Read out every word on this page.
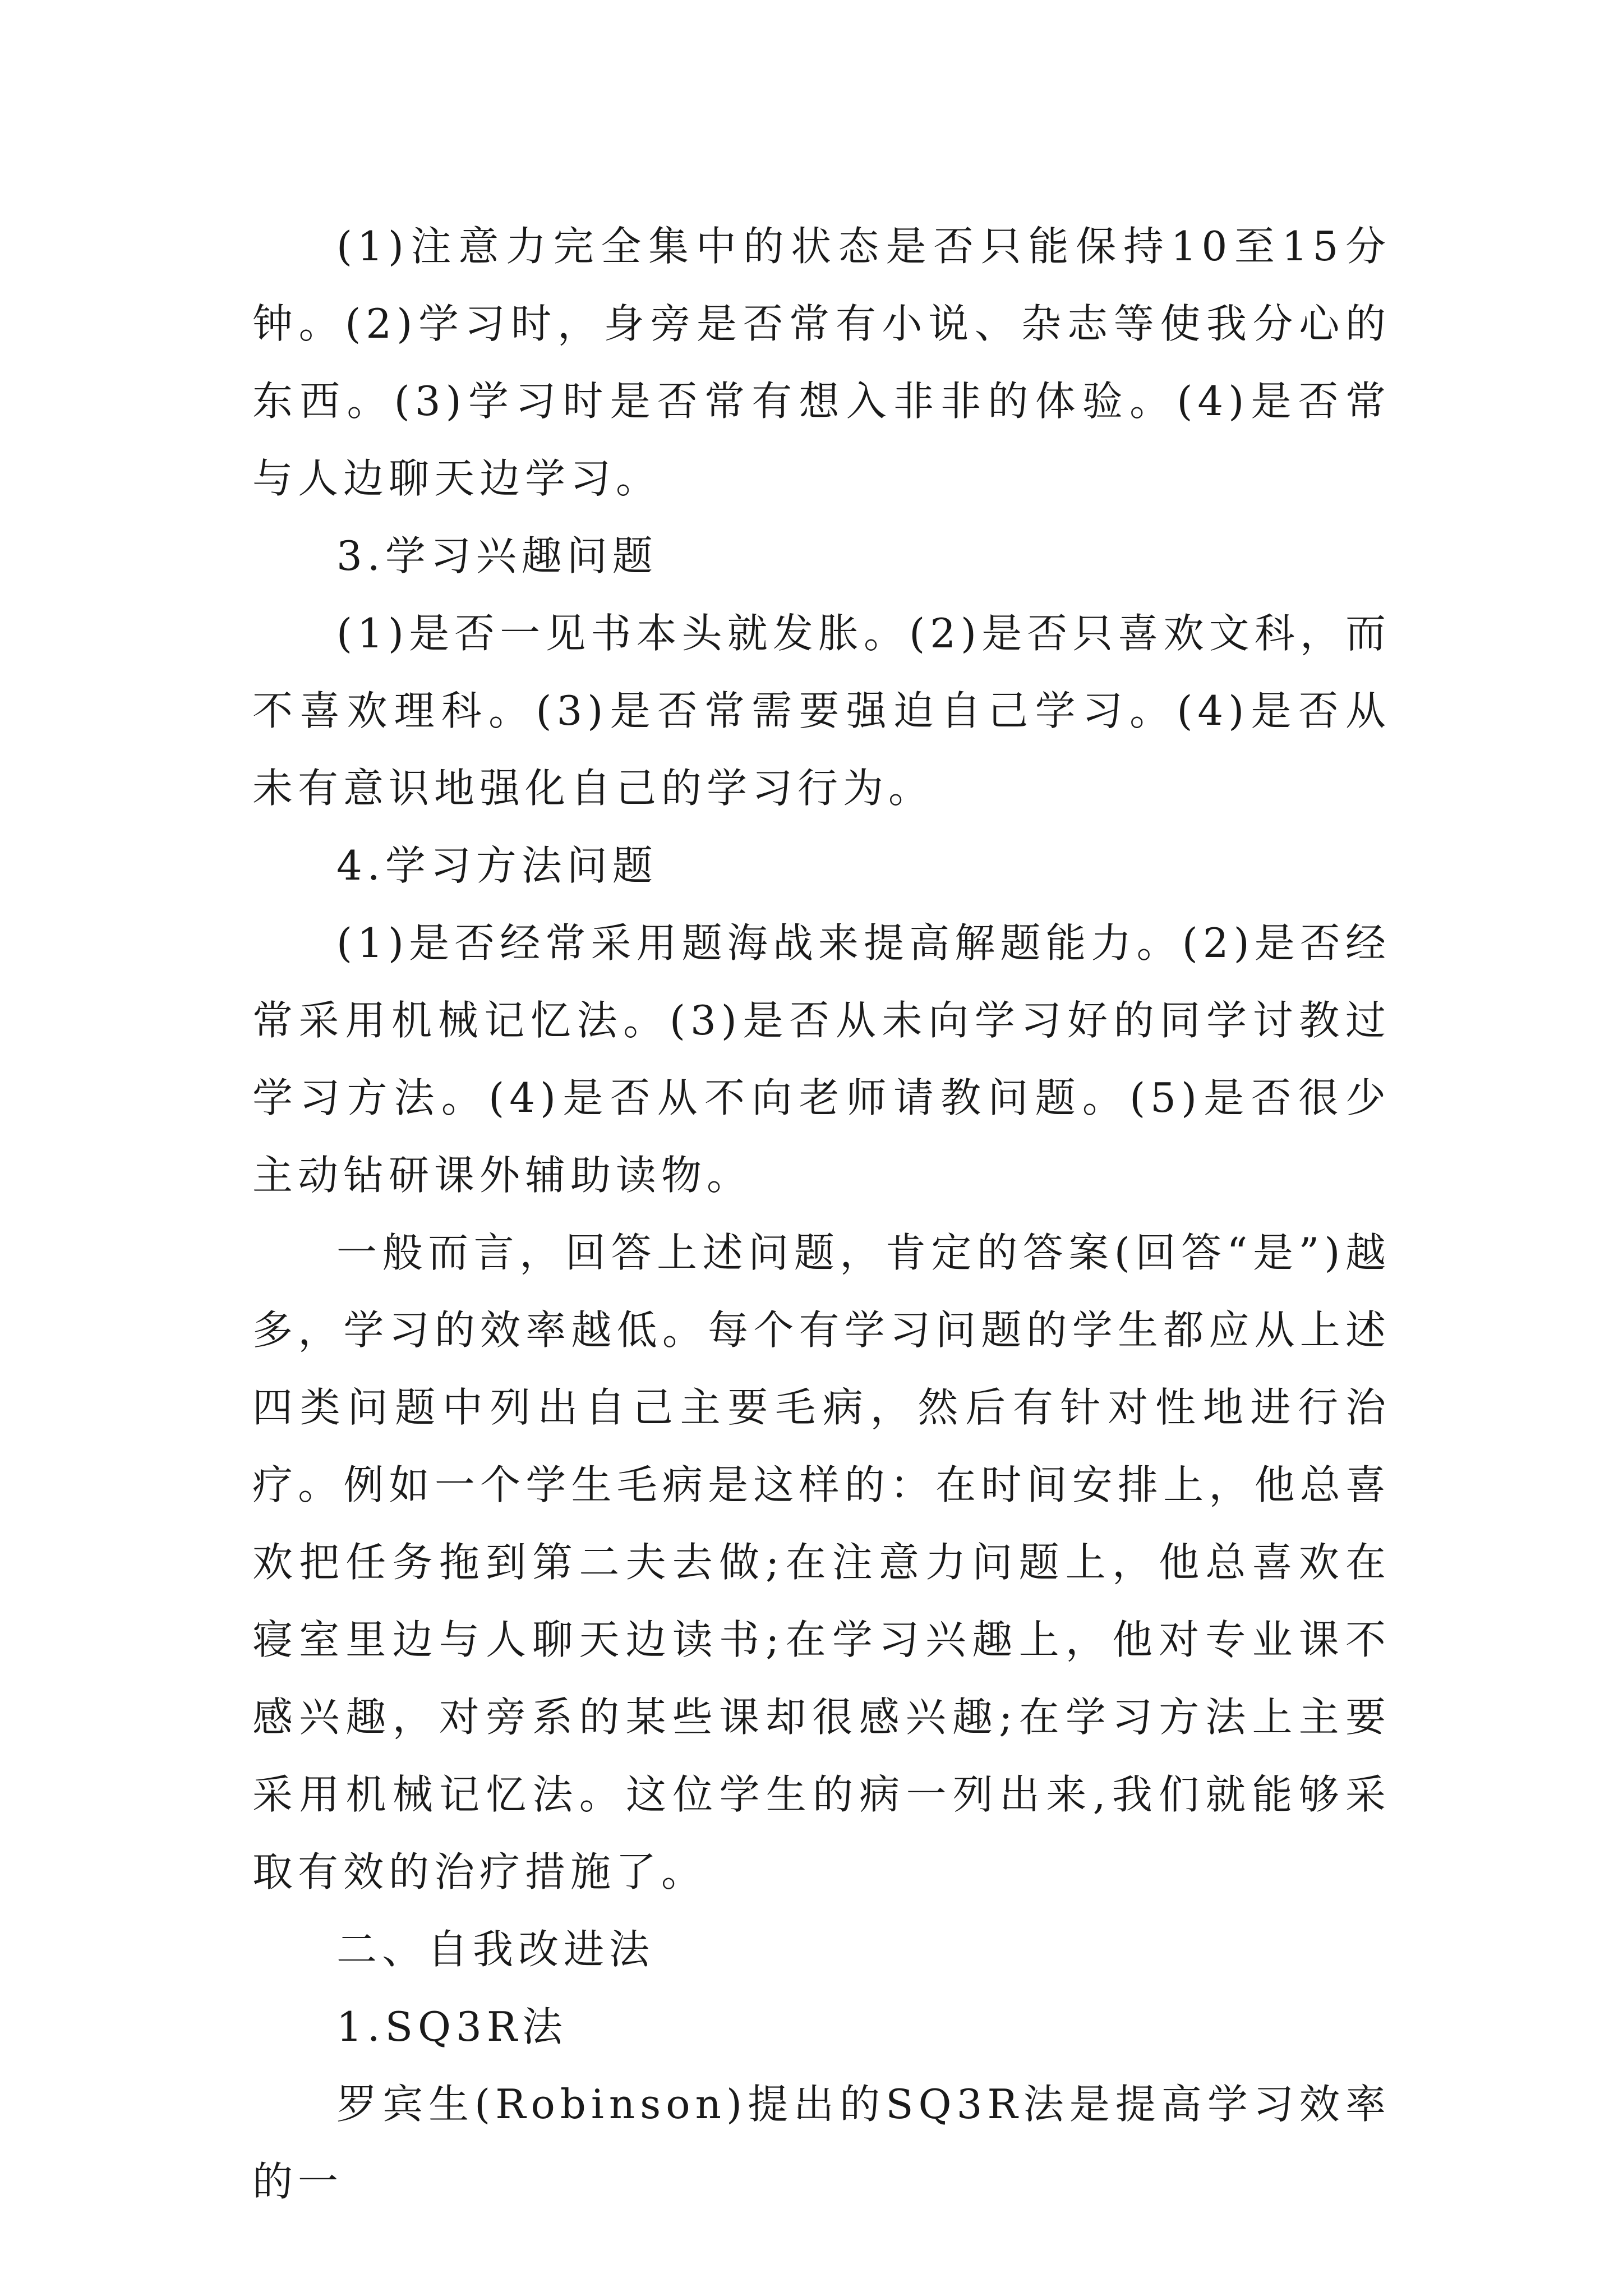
(1)注意力完全集中的状态是否只能保持10至15分钟。(2)学习时，身旁是否常有小说、杂志等使我分心的东西。(3)学习时是否常有想入非非的体验。(4)是否常与人边聊天边学习。

3.学习兴趣问题

(1)是否一见书本头就发胀。(2)是否只喜欢文科，而不喜欢理科。(3)是否常需要强迫自己学习。(4)是否从未有意识地强化自己的学习行为。

4.学习方法问题

(1)是否经常采用题海战来提高解题能力。(2)是否经常采用机械记忆法。(3)是否从未向学习好的同学讨教过学习方法。(4)是否从不向老师请教问题。(5)是否很少主动钻研课外辅助读物。

一般而言，回答上述问题，肯定的答案(回答“是”)越多，学习的效率越低。每个有学习问题的学生都应从上述四类问题中列出自己主要毛病，然后有针对性地进行治疗。例如一个学生毛病是这样的：在时间安排上，他总喜欢把任务拖到第二夫去做;在注意力问题上，他总喜欢在寝室里边与人聊天边读书;在学习兴趣上，他对专业课不感兴趣，对旁系的某些课却很感兴趣;在学习方法上主要采用机械记忆法。这位学生的病一列出来,我们就能够采取有效的治疗措施了。

二、自我改进法

1.SQ3R法

罗宾生(Robinson)提出的SQ3R法是提高学习效率的一
